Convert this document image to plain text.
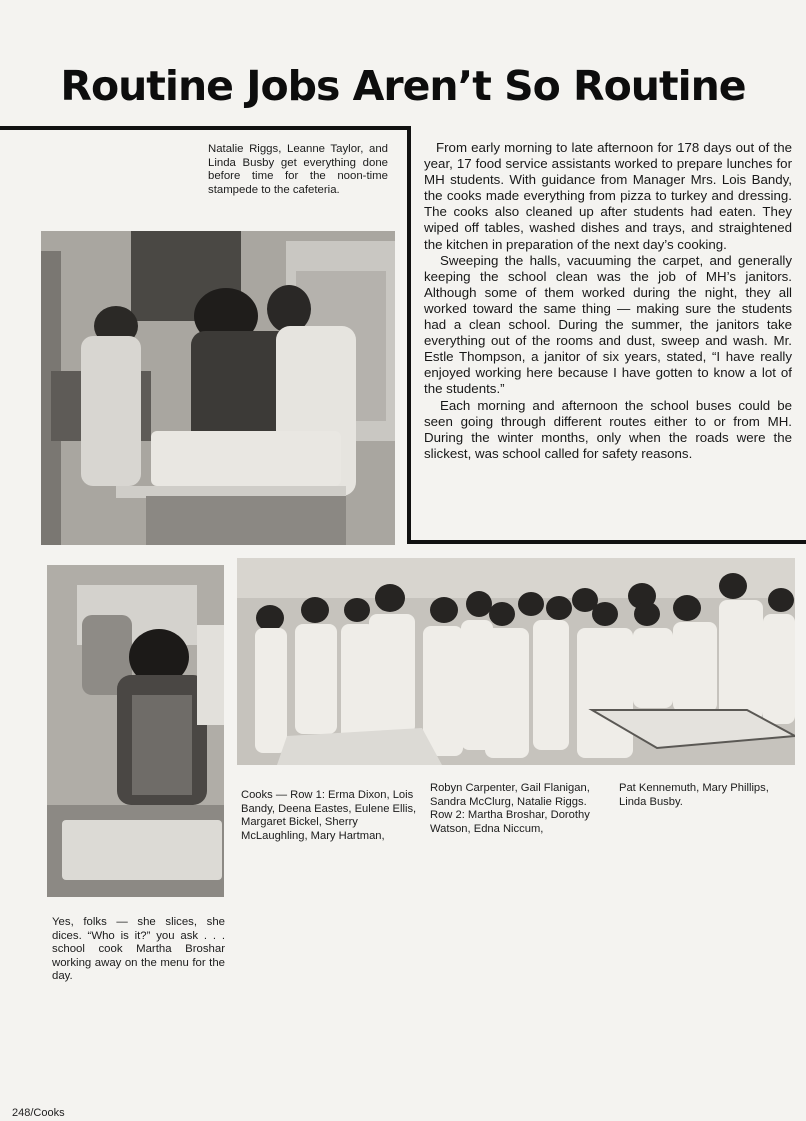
Routine Jobs Aren’t So Routine
Natalie Riggs, Leanne Taylor, and Linda Busby get everything done before time for the noon-time stampede to the cafeteria.

From early morning to late afternoon for 178 days out of the year, 17 food service assistants worked to prepare lunches for MH students. With guidance from Manager Mrs. Lois Bandy, the cooks made everything from pizza to turkey and dressing. The cooks also cleaned up after students had eaten. They wiped off tables, washed dishes and trays, and straightened the kitchen in preparation of the next day’s cooking.

Sweeping the halls, vacuuming the carpet, and generally keeping the school clean was the job of MH’s janitors. Although some of them worked during the night, they all worked toward the same thing — making sure the students had a clean school. During the summer, the janitors take everything out of the rooms and dust, sweep and wash. Mr. Estle Thompson, a janitor of six years, stated, “I have really enjoyed working here because I have gotten to know a lot of the students.”

Each morning and afternoon the school buses could be seen going through different routes either to or from MH. During the winter months, only when the roads were the slickest, was school called for safety reasons.

Cooks — Row 1: Erma Dixon, Lois Bandy, Deena Eastes, Eulene Ellis, Margaret Bickel, Sherry McLaughling, Mary Hartman,
Robyn Carpenter, Gail Flanigan, Sandra McClurg, Natalie Riggs. Row 2: Martha Broshar, Dorothy Watson, Edna Niccum,
Pat Kennemuth, Mary Phillips, Linda Busby.
Yes, folks — she slices, she dices. “Who is it?” you ask . . . school cook Martha Broshar working away on the menu for the day.
248/Cooks
